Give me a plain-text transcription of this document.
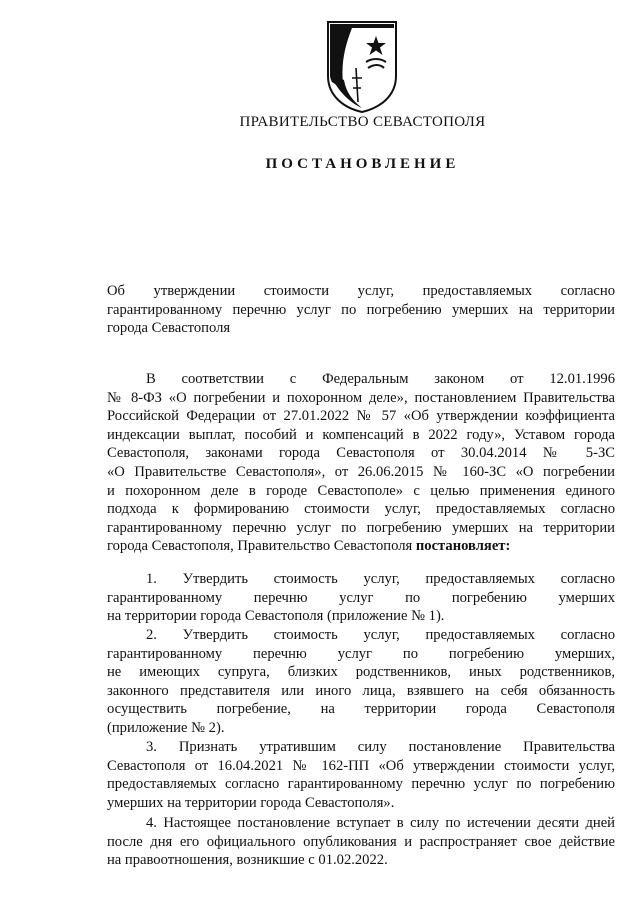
ПРАВИТЕЛЬСТВО СЕВАСТОПОЛЯ
ПОСТАНОВЛЕНИЕ
Об утверждении стоимости услуг, предоставляемых согласно
гарантированному перечню услуг по погребению умерших на территории
города Севастополя
В соответствии с Федеральным законом от 12.01.1996
№ 8-ФЗ «О погребении и похоронном деле», постановлением Правительства
Российской Федерации от 27.01.2022 № 57 «Об утверждении коэффициента
индексации выплат, пособий и компенсаций в 2022 году», Уставом города
Севастополя, законами города Севастополя от 30.04.2014 № 5-ЗС
«О Правительстве Севастополя», от 26.06.2015 № 160-ЗС «О погребении
и похоронном деле в городе Севастополе» с целью применения единого
подхода к формированию стоимости услуг, предоставляемых согласно
гарантированному перечню услуг по погребению умерших на территории
города Севастополя, Правительство Севастополя постановляет:
1. Утвердить стоимость услуг, предоставляемых согласно
гарантированному перечню услуг по погребению умерших
на территории города Севастополя (приложение № 1).
2. Утвердить стоимость услуг, предоставляемых согласно
гарантированному перечню услуг по погребению умерших,
не имеющих супруга, близких родственников, иных родственников,
законного представителя или иного лица, взявшего на себя обязанность
осуществить погребение, на территории города Севастополя
(приложение № 2).
3. Признать утратившим силу постановление Правительства
Севастополя от 16.04.2021 № 162-ПП «Об утверждении стоимости услуг,
предоставляемых согласно гарантированному перечню услуг по погребению
умерших на территории города Севастополя».
4. Настоящее постановление вступает в силу по истечении десяти дней
после дня его официального опубликования и распространяет свое действие
на правоотношения, возникшие с 01.02.2022.
